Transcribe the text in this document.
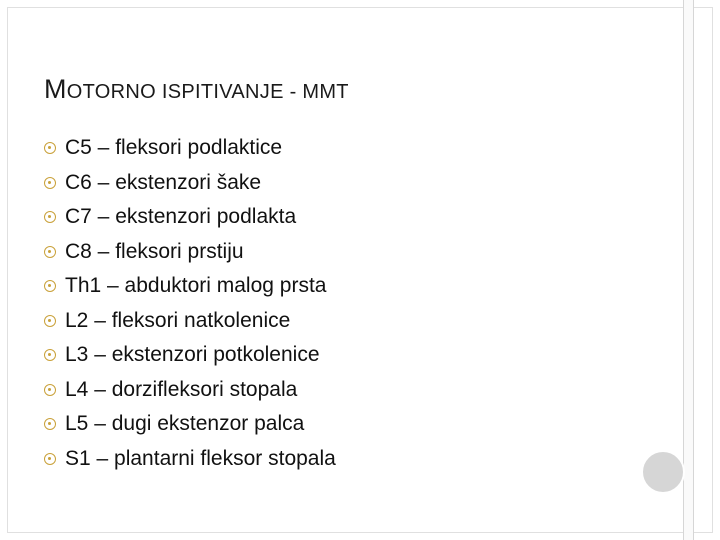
MOTORNO ISPITIVANJE - MMT
C5 – fleksori podlaktice
C6 – ekstenzori šake
C7 – ekstenzori podlakta
C8 – fleksori prstiju
Th1 – abduktori malog prsta
L2 – fleksori natkolenice
L3 – ekstenzori potkolenice
L4 – dorzifleksori stopala
L5 – dugi ekstenzor palca
S1 – plantarni fleksor stopala
